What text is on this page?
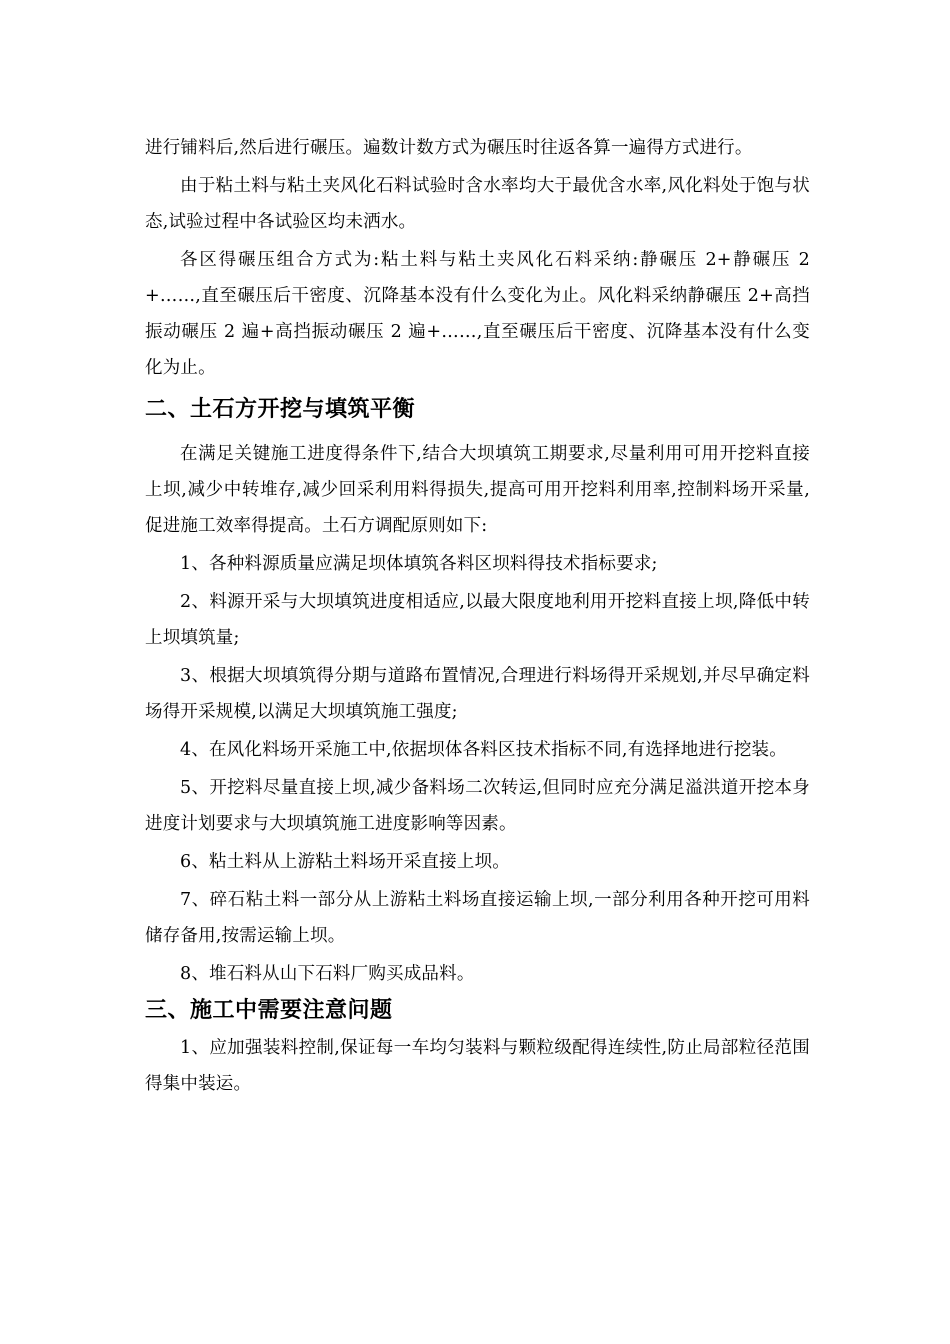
进行铺料后,然后进行碾压。遍数计数方式为碾压时往返各算一遍得方式进行。

由于粘土料与粘土夹风化石料试验时含水率均大于最优含水率,风化料处于饱与状态,试验过程中各试验区均未洒水。

各区得碾压组合方式为:粘土料与粘土夹风化石料采纳:静碾压 2+静碾压 2 +……,直至碾压后干密度、沉降基本没有什么变化为止。风化料采纳静碾压 2+高挡振动碾压 2 遍+高挡振动碾压 2 遍+……,直至碾压后干密度、沉降基本没有什么变化为止。

二、土石方开挖与填筑平衡

在满足关键施工进度得条件下,结合大坝填筑工期要求,尽量利用可用开挖料直接上坝,减少中转堆存,减少回采利用料得损失,提高可用开挖料利用率,控制料场开采量,促进施工效率得提高。土石方调配原则如下:

1、各种料源质量应满足坝体填筑各料区坝料得技术指标要求;

2、料源开采与大坝填筑进度相适应,以最大限度地利用开挖料直接上坝,降低中转上坝填筑量;

3、根据大坝填筑得分期与道路布置情况,合理进行料场得开采规划,并尽早确定料场得开采规模,以满足大坝填筑施工强度;

4、在风化料场开采施工中,依据坝体各料区技术指标不同,有选择地进行挖装。

5、开挖料尽量直接上坝,减少备料场二次转运,但同时应充分满足溢洪道开挖本身进度计划要求与大坝填筑施工进度影响等因素。

6、粘土料从上游粘土料场开采直接上坝。

7、碎石粘土料一部分从上游粘土料场直接运输上坝,一部分利用各种开挖可用料储存备用,按需运输上坝。

8、堆石料从山下石料厂购买成品料。

三、施工中需要注意问题

1、应加强装料控制,保证每一车均匀装料与颗粒级配得连续性,防止局部粒径范围得集中装运。
